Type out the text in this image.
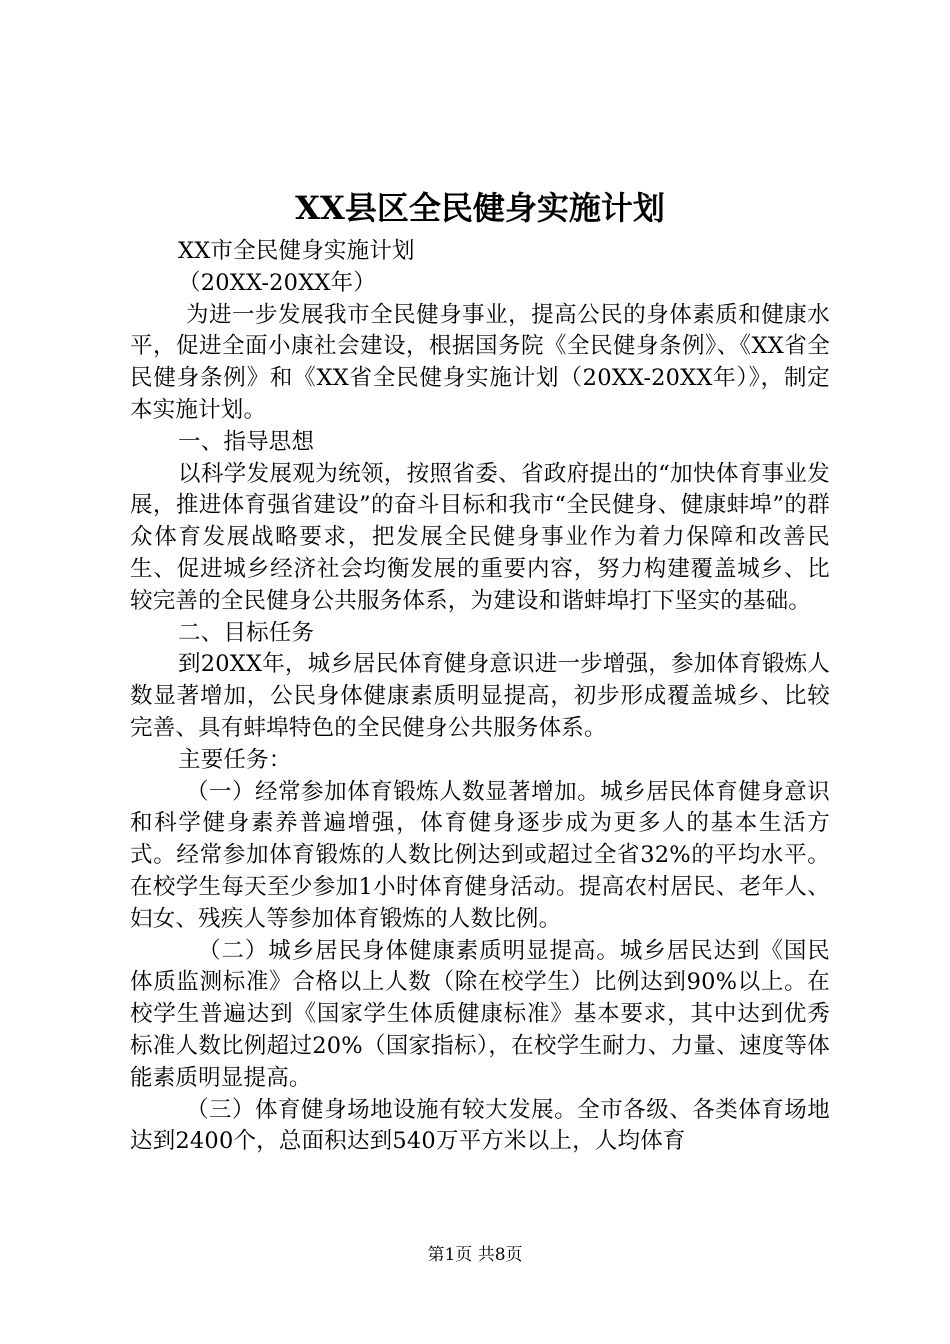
XX县区全民健身实施计划

XX市全民健身实施计划

（20XX-20XX年）

为进一步发展我市全民健身事业，提高公民的身体素质和健康水平，促进全面小康社会建设，根据国务院《全民健身条例》、《XX省全民健身条例》和《XX省全民健身实施计划（20XX-20XX年）》，制定本实施计划。

一、指导思想

以科学发展观为统领，按照省委、省政府提出的“加快体育事业发展，推进体育强省建设”的奋斗目标和我市“全民健身、健康蚌埠”的群众体育发展战略要求，把发展全民健身事业作为着力保障和改善民生、促进城乡经济社会均衡发展的重要内容，努力构建覆盖城乡、比较完善的全民健身公共服务体系，为建设和谐蚌埠打下坚实的基础。

二、目标任务

到20XX年，城乡居民体育健身意识进一步增强，参加体育锻炼人数显著增加，公民身体健康素质明显提高，初步形成覆盖城乡、比较完善、具有蚌埠特色的全民健身公共服务体系。

主要任务：

（一）经常参加体育锻炼人数显著增加。城乡居民体育健身意识和科学健身素养普遍增强，体育健身逐步成为更多人的基本生活方式。经常参加体育锻炼的人数比例达到或超过全省32%的平均水平。在校学生每天至少参加1小时体育健身活动。提高农村居民、老年人、妇女、残疾人等参加体育锻炼的人数比例。

（二）城乡居民身体健康素质明显提高。城乡居民达到《国民体质监测标准》合格以上人数（除在校学生）比例达到90%以上。在校学生普遍达到《国家学生体质健康标准》基本要求，其中达到优秀标准人数比例超过20%（国家指标），在校学生耐力、力量、速度等体能素质明显提高。

（三）体育健身场地设施有较大发展。全市各级、各类体育场地达到2400个，总面积达到540万平方米以上，人均体育

第1页 共8页
